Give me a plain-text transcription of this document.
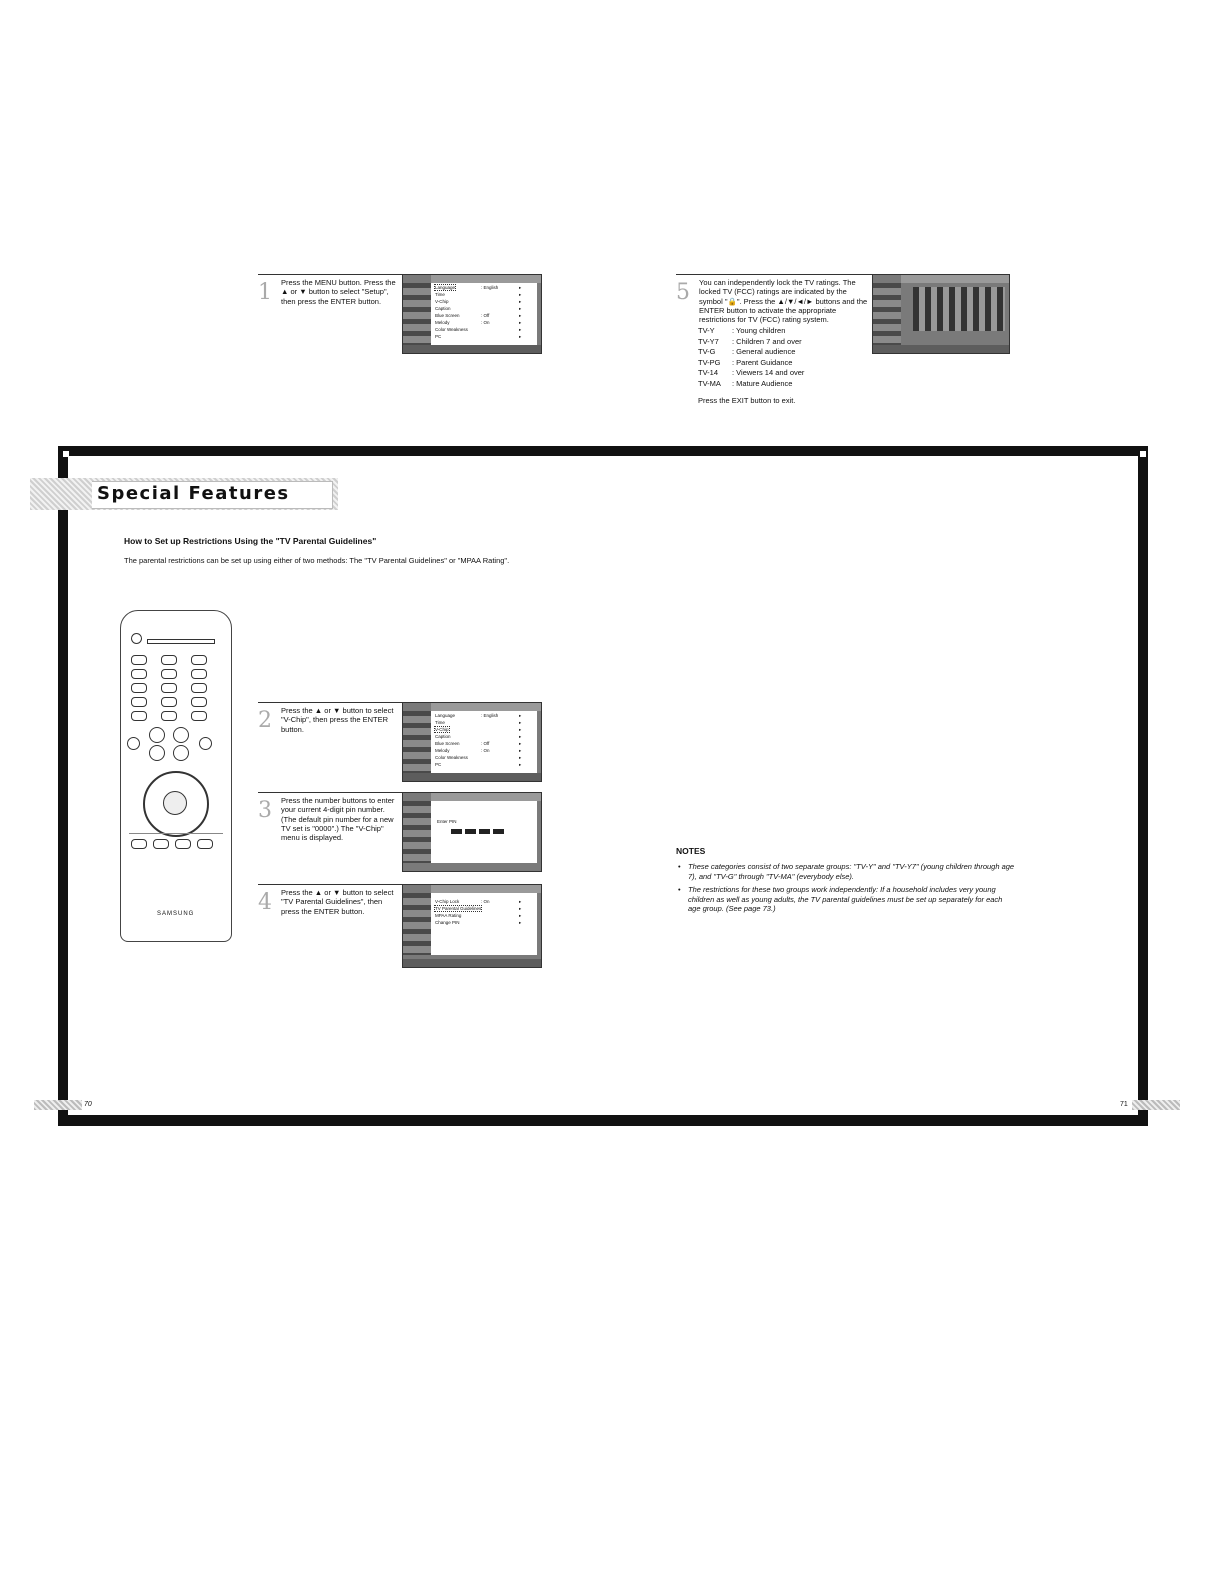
Special Features
How to Set up Restrictions Using the "TV Parental Guidelines"
The parental restrictions can be set up using either of two methods: The "TV Parental Guidelines" or "MPAA Rating".
SAMSUNG
1 Press the MENU button. Press the ▲ or ▼ button to select "Setup", then press the ENTER button.
Language	: English	▸
Time	▸
V-Chip	▸
Caption	▸
Blue Screen	: Off	▸
Melody	: On	▸
Color Weakness	▸
PC	▸
2 Press the ▲ or ▼ button to select "V-Chip", then press the ENTER button.
Language	: English	▸
Time	▸
V-Chip	▸
Caption	▸
Blue Screen	: Off	▸
Melody	: On	▸
Color Weakness	▸
PC	▸
3 Press the number buttons to enter your current 4-digit pin number. (The default pin number for a new TV set is "0000".) The "V-Chip" menu is displayed.
Enter PIN
4 Press the ▲ or ▼ button to select "TV Parental Guidelines", then press the ENTER button.
V-Chip Lock	: On	▸
TV Parental Guidelines	▸
MPAA Rating	▸
Change PIN	▸
5 You can independently lock the TV ratings. The locked TV (FCC) ratings are indicated by the symbol "🔒". Press the ▲/▼/◄/► buttons and the ENTER button to activate the appropriate restrictions for TV (FCC) rating system.
TV-Y : Young children
TV-Y7 : Children 7 and over
TV-G : General audience
TV-PG : Parent Guidance
TV-14 : Viewers 14 and over
TV-MA : Mature Audience
Press the EXIT button to exit.
NOTES
• These categories consist of two separate groups: "TV-Y" and "TV-Y7" (young children through age 7), and "TV-G" through "TV-MA" (everybody else).
• The restrictions for these two groups work independently: If a household includes very young children as well as young adults, the TV parental guidelines must be set up separately for each age group. (See page 73.)
70	71
